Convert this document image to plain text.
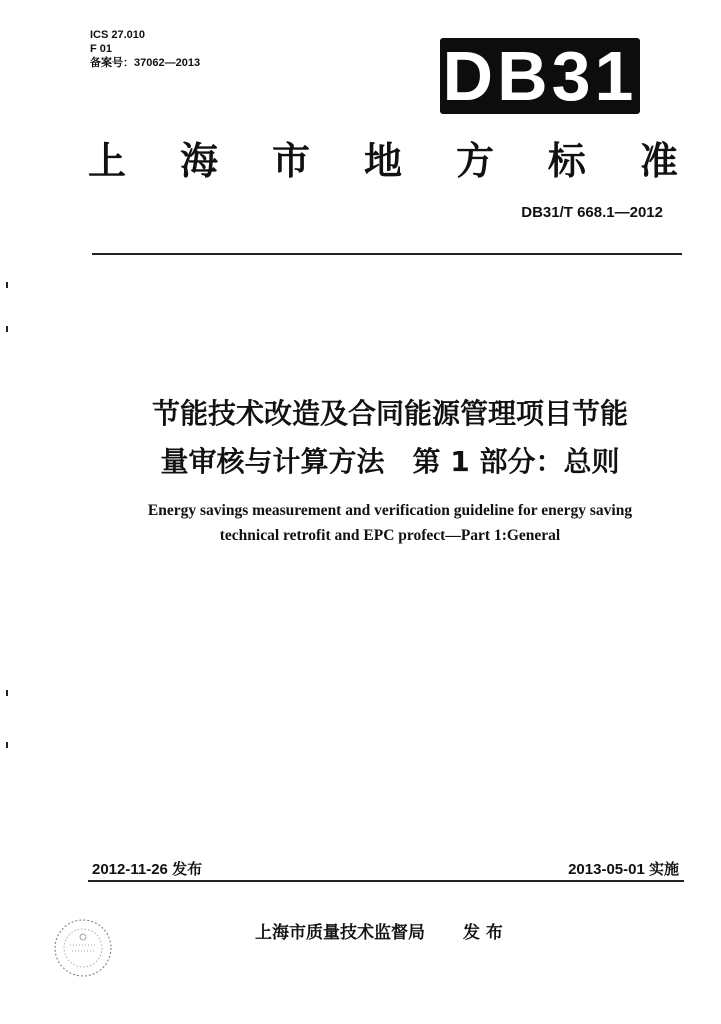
ICS 27.010
F 01
备案号：37062—2013	DB31
上 海 市 地 方 标 准
DB31/T 668.1—2012
节能技术改造及合同能源管理项目节能
量审核与计算方法　第 1 部分：总则
Energy savings measurement and verification guideline for energy saving
technical retrofit and EPC profect—Part 1:General
2012-11-26 发布	2013-05-01 实施
上海市质量技术监督局 发 布
